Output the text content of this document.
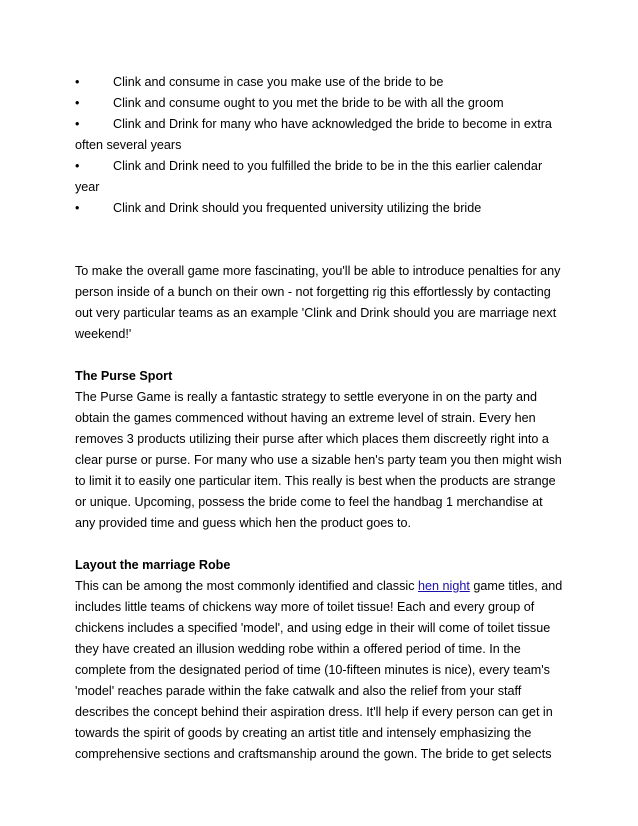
•	Clink and consume in case you make use of the bride to be
•	Clink and consume ought to you met the bride to be with all the groom
•	Clink and Drink for many who have acknowledged the bride to become in extra often several years
•	Clink and Drink need to you fulfilled the bride to be in the this earlier calendar year
•	Clink and Drink should you frequented university utilizing the bride

To make the overall game more fascinating, you'll be able to introduce penalties for any person inside of a bunch on their own - not forgetting rig this effortlessly by contacting out very particular teams as an example 'Clink and Drink should you are marriage next weekend!'

The Purse Sport

The Purse Game is really a fantastic strategy to settle everyone in on the party and obtain the games commenced without having an extreme level of strain. Every hen removes 3 products utilizing their purse after which places them discreetly right into a clear purse or purse. For many who use a sizable hen's party team you then might wish to limit it to easily one particular item. This really is best when the products are strange or unique. Upcoming, possess the bride come to feel the handbag 1 merchandise at any provided time and guess which hen the product goes to.

Layout the marriage Robe

This can be among the most commonly identified and classic hen night game titles, and includes little teams of chickens way more of toilet tissue! Each and every group of chickens includes a specified 'model', and using edge in their will come of toilet tissue they have created an illusion wedding robe within a offered period of time. In the complete from the designated period of time (10-fifteen minutes is nice), every team's 'model' reaches parade within the fake catwalk and also the relief from your staff describes the concept behind their aspiration dress. It'll help if every person can get in towards the spirit of goods by creating an artist title and intensely emphasizing the comprehensive sections and craftsmanship around the gown. The bride to get selects
